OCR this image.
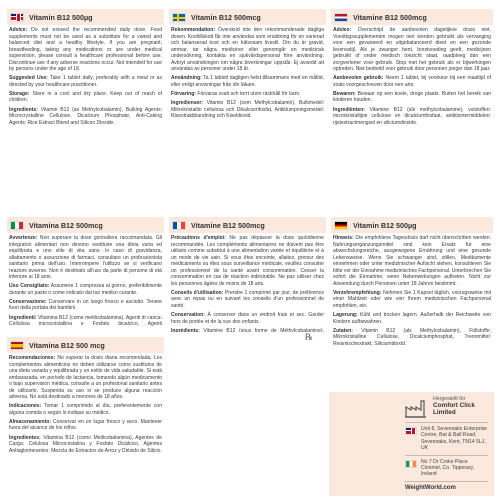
Vitamin B12 500µg

Advice: Do not exceed the recommended daily dose. Food supplements must not be used as a substitute for a varied and balanced diet and a healthy lifestyle. If you are pregnant, breastfeeding, taking any medications or are under medical supervision, please consult a healthcare professional before use. Discontinue use if any adverse reactions occur. Not intended for use by persons under the age of 18.

Suggested Use: Take 1 tablet daily, preferably with a meal or as directed by your healthcare practitioner.

Storage: Store in a cool and dry place. Keep out of reach of children.

Ingredients: Vitamin B12 (as Methylcobalamin), Bulking Agents: Microcrystalline Cellulose, Dicalcium Phosphate, Anti-Caking Agents: Rice Extract Blend and Silicon Dioxide.

Vitamin B12 500mcg

Rekommendation: Överskrid inte den rekommenderade dagliga dosen. Kosttillskott får inte användas som ersättning för en varierad och balanserad kost och en hälsosam livsstil. Om du är gravid, ammar, tar några mediciner eller genomgår en medicinsk undersökning, kontakta en sjukvårdspersonal före användning. Avbryt användningen om några biverkningar uppstår. Ej avsedd att användas av personer under 18 år.

Användning: Ta 1 tablett dagligen helst tillsammans med en måltid, eller enligt anvisningar från din läkare.

Förvaring: Förvaras svalt och torrt utom räckhåll för barn.

Ingredienser: Vitamin B12 (som Methylcobalamin), Bulkmedel: Mikrokristallin cellulosa och Dikalciumfosfat, Antiklumpningsmedel: Risextraktblandning och Kiseldioxid.

Vitamine B12 500mcg

Advies: Overschrijd de aanbevolen dagelijkse dosis niet. Voedingssupplementen mogen niet worden gebruikt als vervanging voor een gevarieerd en uitgebalanceerd dieet en een gezonde levensstijl. Als je zwanger bent, borstvoeding geeft, medicijnen gebruikt of onder medisch toezicht staat, raadpleeg dan een zorgverlener voor gebruik. Stop met het gebruik als er bijwerkingen optreden. Niet bedoeld voor gebruik door personen jonger dan 18 jaar.

Aanbevolen gebruik: Neem 1 tablet, bij voorkeur bij een maaltijd of zoals voorgeschreven door een arts.

Bewaren: Bewaar op een koele, droge plaats. Buiten het bereik van kinderen houden.

Ingrediënten: Vitamine B12 (als methylcobalamine), vulstoffen: microkristallijne cellulose en dicalciumfosfaat, antiklontermiddelen: rijstextractmengsel en siliciumdioxide.

Vitamina B12 500mcg

Avvertenze: Non superare la dose giornaliera raccomandata. Gli integratori alimentari non devono sostituire una dieta varia ed equilibrata e uno stile di vita sano. In caso di gravidanza, allattamento o assunzione di farmaci, consultare un professionista sanitario prima dell'uso. Interrompere l'utilizzo se si verificano reazioni avverse. Non è destinato all'uso da parte di persone di età inferiore ai 18 anni.

Uso Consigliato: Assumere 1 compressa al giorno, preferibilmente durante un pasto o come indicato dal tuo medico curante.

Conservazione: Conservare in un luogo fresco e asciutto. Tenere fuori dalla portata dei bambini.

Ingredienti: Vitamina B12 (come metilcobalamina), Agenti di carica: Cellulosa microcristallina e Fosfato bicalcico, Agenti

Vitamine B12 500mcg

Précautions d'emploi: Ne pas dépasser la dose quotidienne recommandée. Les compléments alimentaires ne doivent pas être utilisés comme substitut à une alimentation variée et équilibrée et à un mode de vie sain. Si vous êtes enceinte, allaitez, prenez des médicaments ou êtes sous surveillance médicale, veuillez consulter un professionnel de la santé avant consommation. Cesser la consommation en cas de réaction indésirable. Ne pas utiliser chez les personnes âgées de moins de 18 ans.

Conseils d'utilisation: Prendre 1 comprimé par jour, de préférence avec un repas ou en suivant les conseils d'un professionnel de santé.

Conservation: À conserver dans un endroit frais et sec. Garder hors de portée et de la vue des enfants.

Ingrédients: Vitamine B12 (sous forme de Méthylcobalamine),

℞
Vitamin B12 500µg

Hinweis: Die empfohlene Tagesdosis darf nicht überschritten werden. Nahrungsergänzungsmittel sind kein Ersatz für eine abwechslungsreiche, ausgewogene Ernährung und eine gesunde Lebensweise. Wenn Sie schwanger sind, stillen, Medikamente einnehmen oder unter medizinischer Aufsicht stehen, konsultieren Sie bitte vor der Einnahme medizinisches Fachpersonal. Unterbrechen Sie sofort die Einnahme, wenn Nebenwirkungen auftreten. Nicht zur Anwendung durch Personen unter 18 Jahren bestimmt.

Verzehrempfehlung: Nehmen Sie 1 Kapsel täglich, vorzugsweise mit einer Mahlzeit oder wie von Ihrem medizinischen Fachpersonal empfohlen, ein.

Lagerung: Kühl und trocken lagern. Außerhalb der Reichweite von Kindern aufbewahren.

Zutaten: Vitamin B12 (als Methylcobalamin), Füllstoffe: Mikrokristalline Cellulose, Dicalciumphosphat, Trennmittel: Reismischextrakt, Siliciumdioxid.

Vitamina B12 500 mcg

Recomendaciones: No superar la dosis diaria recomendada. Los complementos alimenticios no deben utilizarse como sustitutos de una dieta variada y equilibrada y un estilo de vida saludable. Si está embarazada, en período de lactancia, tomando algún medicamento o bajo supervisión médica, consulte a un profesional sanitario antes de utilizarlo. Suspenda su uso si se produce alguna reacción adversa. No está destinado a menores de 18 años.

Indicaciones: Tomar 1 comprimido al día, preferentemente con alguna comida o según lo indique su médico.

Almacenamiento: Conservar en un lugar fresco y seco. Mantener fuera del alcance de los niños.

Ingredientes: Vitamina B12 (como Metilcobalamina), Agentes de Carga: Celulosa Microcristalina y Fosfato Dicálcico, Agentes Antiaglomerantes: Mezcla de Extractos de Arroz y Dióxido de Silicio.

Hergestellt für
Comfort Click Limited
Unit 8, Sevenoaks Enterprise Centre, Bat & Ball Road, Sevenoaks, Kent, TN14 5LJ, UK
No 7 Dr Croke Place Clonmel, Co. Tipperary, Ireland
WeightWorld.com
